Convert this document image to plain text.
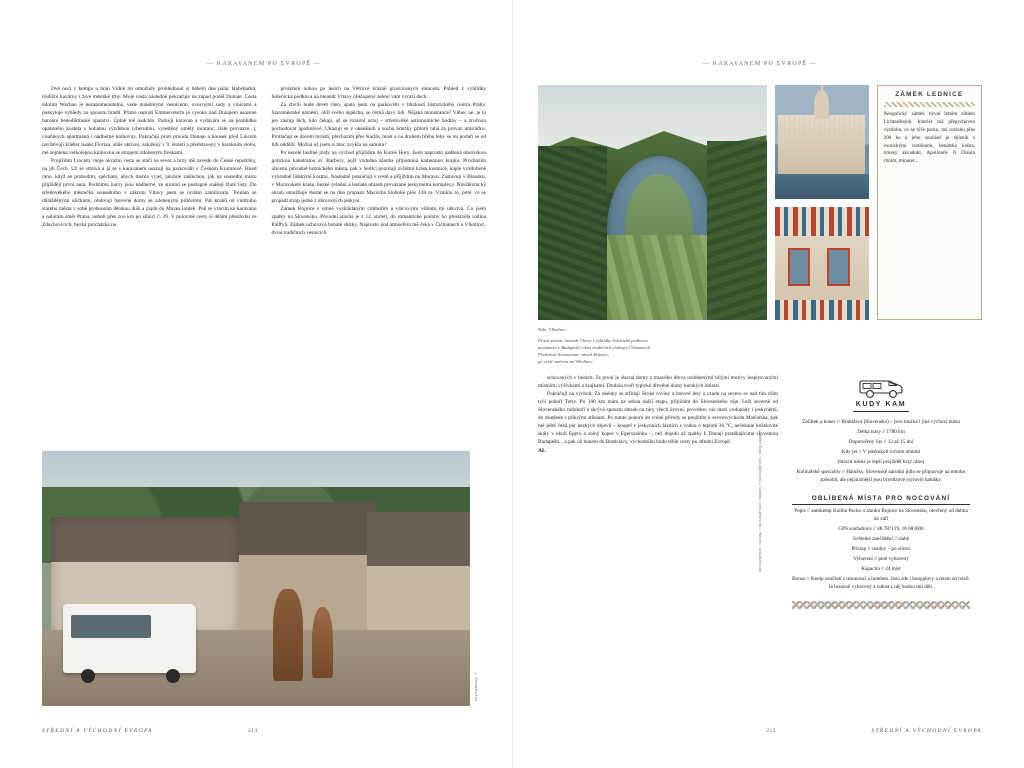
— KARAVANEM PO EVROPĚ —

Dvě noci v kempu u bran Vídně mi umožnily prohlédnout si během dne palác Habsburků, tradiční kavárny i živé městské trhy. Moje cesta následně pokračuje na západ podél Dunaje. Cesta údolím Wachau je nezapomenutelná, vede malebnými vesnicemi, ovocnými sady a vinicemi a poskytuje výhledy na spoustu hradů. Přímo naproti Emmersdorfu je vysoko nad Dunajem usazené barokní benediktinské opatství. Úplně mě nadchlo. Parkuji karavan a vydávám se na prohlídku opatského kostela s bohatou výzdobou (cherubíni, vyleštěný umělý mramor, zlaté provazce...), císařských apartmánů i nádherné knihovny. Pokračuji proti proudu Dunaje a kousek před Lincem navštěvuji klášter Sankt Florian, stále aktivní, založený v 9. století a představený v barokním slohu, mé zejména velkolepou knihovnu se stropem zdobeným freskami.

Projíždím Lincem, moje okružní cesta se stáčí na sever a brzy mě zavede do České republiky, na jih Čech. Už se stmívá a já se s karavanem usazuji na parkovišti v Českém Krumlově. Hned ráno, když se probudím, spěchám, abych mohla vyjet, jakmile zaslechnu, jak na sousední místo přijíždějí první auta. Podzimní barvy jsou nádherné, ze stromů se postupně snášejí žluté listy. Do středověkého městečka sousedního v zákrutu Vltavy jsem se ocitám zamilovala. Toulám se důlážděnými uličkami, obdivuji barevné domy se zdobenými průčelími. Pár kroků od vnitřního starého města v sobě probouzím dětskou duši a zajdu do Muzea loutek. Pak se vracím ke karavanu a nabírám směr Praha, neboli přes zoo km po silnici č. 39. V polovině cesty si dělám přestávku ve Zduchovicích, hezká procházka na

protažení nohou po lesích na Větrové krásně prosvícených sluncem. Pohled z vyhlídky Solenická podkova na meandr Vltavy obklopený zelení vám vyrazí dech.

Za chvíli bude devět ráno, spala jsem na parkovišti v blízkosti historického centra Prahy. Staroměstské náměstí, obří svého úspěchu, se černá davy lidí. Nějaká monstrance? Vůbec ne, je to jen zástup těch, kdo čekají, až se rozezní orloj – středověké astronomické hodiny – a zročnou pochodovat apoštolové. Ukazuji se v okénkách a socha Smrtky přitom tahá za provaz umíráčku. Protlačuji se davem turistů, přecházím přes Karlův most a na druhém břehu lehy se mi podaří se od lidí oddělit. Možná už jsem si moc zvykla na samotu?

Po necelé hodině jízdy na východ přijíždím do Kutné Hory. Jsem naprosto nadšená obrovskou gotickou katedrálou sv. Barbory, jejíž vzdušná klenba připomíná kamennou krajku. Procházím ulicemi původně hornického města, pak v Sedlci pozoruji zvláštní krásu kostnice, kaple vyzdobené výhradně lidskými kostmi. Následně pokračuji v cestě a přijíždím na Moravu. Zastavuji v Blansku, v Moravském krasu, hezké zvlnění a lesnaté oblasti provázané jeskynními komplexy. Návštěvnický okruh umožňuje dostat se na dno propasti Macocha hluboké přes 138 m. Vzniklo to, poté, co se propadl strop jedné z obrovských jeskyní.

Zámek Bojnice s umně vyskládaným cimbuřím a válcovými věžemi mi utkvívá. Co jsem zpátky na Slovensku. Původní stavba je z 12. století, do romantické podoby ho přestavěla rodina Pálffyů. Zámek uchovává bohaté sbírky. Naprosto jiná atmosféra mě čeká v Čičmanech a Vlkolínci, dvou tradičních vesnicích

© Alexandra Lier
STŘEDNÍ A VÝCHODNÍ EVROPA	214
— KARAVANEM PO EVROPĚ —
ZÁMEK LEDNICE
Neogotický zámek býval letním sídlem Lichtenštejnů. Interiér má přepychovou výzdobu, co se týče parku, má rozlohu přes 200 ha a jeho součástí je skleník s exotickými rostlinami, benátská kašna, tímský akvadukt, Apollónův či Dianin chrám, minaret...
Níže: Vlkolínec.
Pravá strana: meandr Vltavy z vyhlídky Solenická podkova;
parlament v Budapešti; okno tradičních chalup v Čičmanech.
Předchozí dvoustrana: zámek Bojnice;
po cestě směrem na Vlkolínec.
© Ondrej Kunzl / stock.adobe.com © kateryna / stock.adobe.com © Simonoi / stock.adobe.com

schovaných v horách. Ta první je slavná domy z tmavého dřeva ozdobenými bílými motivy inspirovanými místními výšivkami a krajkami. Druhou tvoří typické dřevěné domy horských oblastí.

Pokračuji na východ. Za okénky se střídají široké roviny a borové lesy a vzadu na severu se nad tím vším tyčí pohoří Totry. Po 100 km mám za sebou další etapu, přijíždím do Slovenského ráje. Leží severně od Slovenského rudohoří a skrývá spoustu stezek na túry všech úrovní, provedou vás mezi vodopády i jeskyněmi, do soutěsek s příkrými stěnami. Po tomto ponoru do volné přírody se použitím k severovýchodu Maďarska, kde mě ještě čeká pár hezkých objevů – koupel v jeskynních lázních s vodou o teplotě 30 °C, nečekané kuželovité skály v okolí Egeru a solný kopec v Egerszalóku –, než dojedu až zpátky k Dunaji protékajícímu skvostnou Budapešti... a pak už honem do Bratislavy, východního bodu téhle cesty po střední Evropě.

AL

KUDY KAM
Začátek a konec // Bratislava (Slovensko) – jsou možná i jiná výchozí místa
Délka trasy // 1780 km
Doporučený čas // 12 až 15 dní
Kdy jet // V jakémkoli ročním období
(hlavní města je lepší projíždět brzy ráno)
Kulinářské speciality // Halušky. Slovenské národní jídlo se připravuje na mnoho způsobů, ale nejznámější jsou bryndzové (sýrové) halušky.
OBLÍBENÁ MÍSTA PRO NOCOVÁNÍ
Popis // autokemp Koliba Pacho u zámku Bojnice na Slovensku, otevřený od dubna do září
GPS souřadnice // 48.787119, 18.683606
Světelné znečištění // slabé
Přístup // snadný – po silnici
Vybavení // plně vybavený
Kapacita // 24 míst
Bonus // Kemp součástí s restaurací a hotelem. Jsou zde i bungalovy a místo na trávě. Je luxusně vybavený a radost z něj budou mít děti.
STŘEDNÍ A VÝCHODNÍ EVROPA
215
